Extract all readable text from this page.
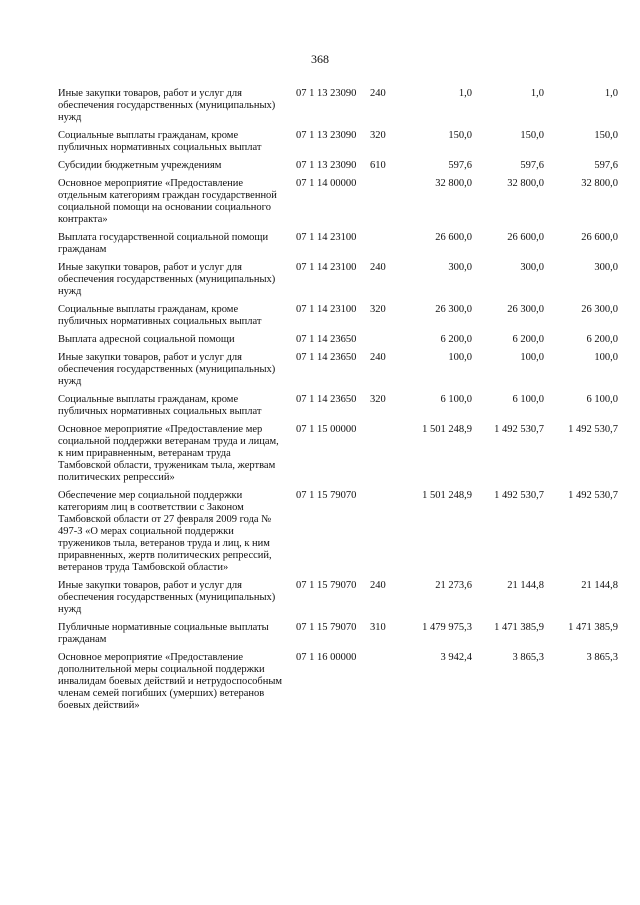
368
Иные закупки товаров, работ и услуг для обеспечения государственных (муниципальных) нужд	07 1 13 23090	240	1,0	1,0	1,0
Социальные выплаты гражданам, кроме публичных нормативных социальных выплат	07 1 13 23090	320	150,0	150,0	150,0
Субсидии бюджетным учреждениям	07 1 13 23090	610	597,6	597,6	597,6
Основное мероприятие «Предоставление отдельным категориям граждан государственной социальной помощи на основании социального контракта»	07 1 14 00000		32 800,0	32 800,0	32 800,0
Выплата государственной социальной помощи гражданам	07 1 14 23100		26 600,0	26 600,0	26 600,0
Иные закупки товаров, работ и услуг для обеспечения государственных (муниципальных) нужд	07 1 14 23100	240	300,0	300,0	300,0
Социальные выплаты гражданам, кроме публичных нормативных социальных выплат	07 1 14 23100	320	26 300,0	26 300,0	26 300,0
Выплата адресной социальной помощи	07 1 14 23650		6 200,0	6 200,0	6 200,0
Иные закупки товаров, работ и услуг для обеспечения государственных (муниципальных) нужд	07 1 14 23650	240	100,0	100,0	100,0
Социальные выплаты гражданам, кроме публичных нормативных социальных выплат	07 1 14 23650	320	6 100,0	6 100,0	6 100,0
Основное мероприятие «Предоставление мер социальной поддержки ветеранам труда и лицам, к ним приравненным, ветеранам труда Тамбовской области, труженикам тыла, жертвам политических репрессий»	07 1 15 00000		1 501 248,9	1 492 530,7	1 492 530,7
Обеспечение мер социальной поддержки категориям лиц в соответствии с Законом Тамбовской области от 27 февраля 2009 года № 497-З «О мерах социальной поддержки тружеников тыла, ветеранов труда и лиц, к ним приравненных, жертв политических репрессий, ветеранов труда Тамбовской области»	07 1 15 79070		1 501 248,9	1 492 530,7	1 492 530,7
Иные закупки товаров, работ и услуг для обеспечения государственных (муниципальных) нужд	07 1 15 79070	240	21 273,6	21 144,8	21 144,8
Публичные нормативные социальные выплаты гражданам	07 1 15 79070	310	1 479 975,3	1 471 385,9	1 471 385,9
Основное мероприятие «Предоставление дополнительной меры социальной поддержки инвалидам боевых действий и нетрудоспособным членам семей погибших (умерших) ветеранов боевых действий»	07 1 16 00000		3 942,4	3 865,3	3 865,3
